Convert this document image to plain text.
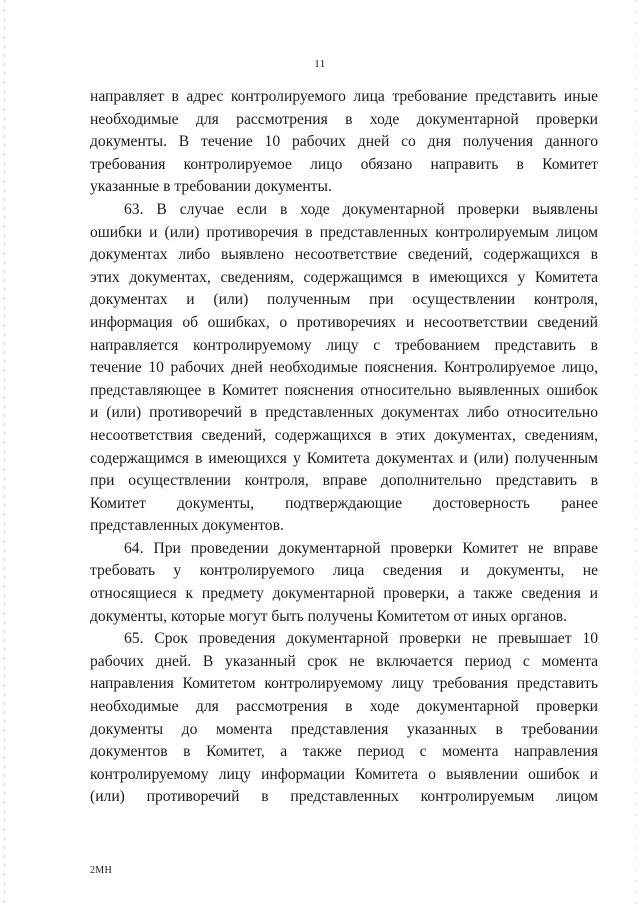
11
направляет в адрес контролируемого лица требование представить иные
необходимые для рассмотрения в ходе документарной проверки
документы. В течение 10 рабочих дней со дня получения данного
требования контролируемое лицо обязано направить в Комитет
указанные в требовании документы.
63. В случае если в ходе документарной проверки выявлены
ошибки и (или) противоречия в представленных контролируемым лицом
документах либо выявлено несоответствие сведений, содержащихся в
этих документах, сведениям, содержащимся в имеющихся у Комитета
документах и (или) полученным при осуществлении контроля,
информация об ошибках, о противоречиях и несоответствии сведений
направляется контролируемому лицу с требованием представить в
течение 10 рабочих дней необходимые пояснения. Контролируемое лицо,
представляющее в Комитет пояснения относительно выявленных ошибок
и (или) противоречий в представленных документах либо относительно
несоответствия сведений, содержащихся в этих документах, сведениям,
содержащимся в имеющихся у Комитета документах и (или) полученным
при осуществлении контроля, вправе дополнительно представить в
Комитет документы, подтверждающие достоверность ранее
представленных документов.
64. При проведении документарной проверки Комитет не вправе
требовать у контролируемого лица сведения и документы, не
относящиеся к предмету документарной проверки, а также сведения и
документы, которые могут быть получены Комитетом от иных органов.
65. Срок проведения документарной проверки не превышает 10
рабочих дней. В указанный срок не включается период с момента
направления Комитетом контролируемому лицу требования представить
необходимые для рассмотрения в ходе документарной проверки
документы до момента представления указанных в требовании
документов в Комитет, а также период с момента направления
контролируемому лицу информации Комитета о выявлении ошибок и
(или) противоречий в представленных контролируемым лицом
2МН
